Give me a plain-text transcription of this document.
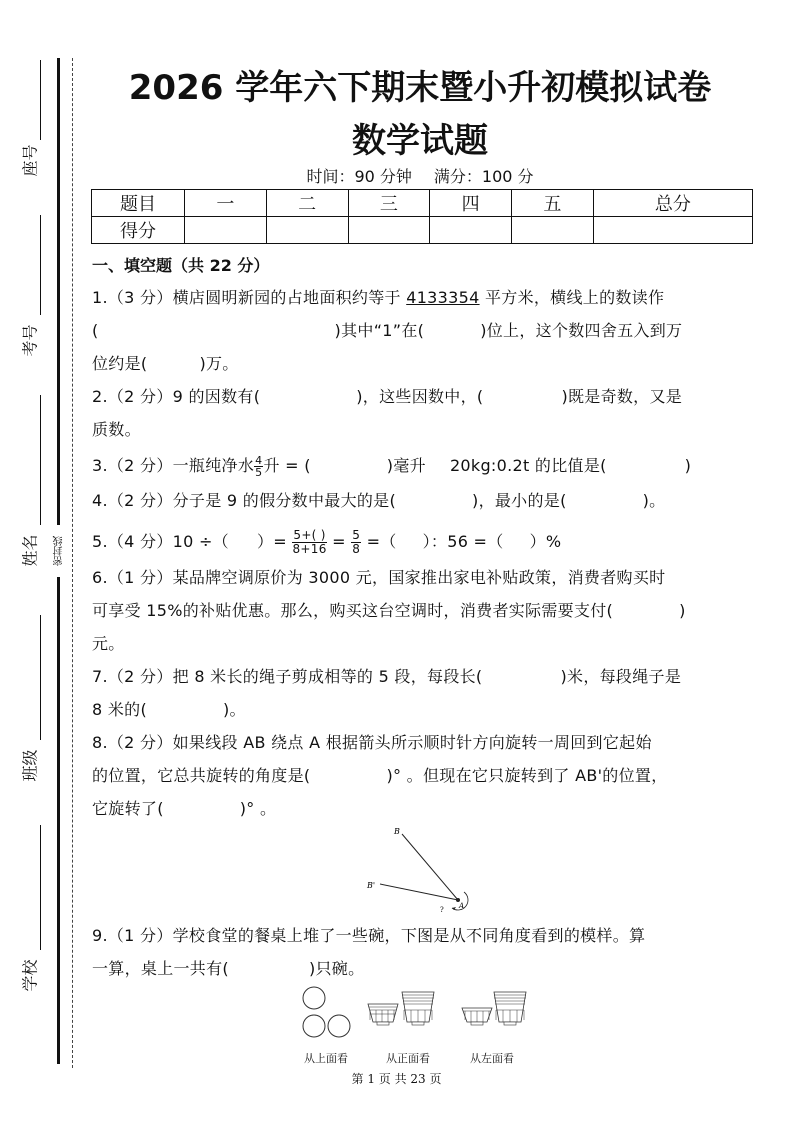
座号
考号
姓名 密封线
班级
学校
2026 学年六下期末暨小升初模拟试卷
数学试题
时间：90 分钟 满分：100 分
题目	一	二	三	四	五	总分
得分						
一、填空题（共 22 分）
1.（3 分）横店圆明新园的占地面积约等于 4133354 平方米，横线上的数读作
(	)其中“1”在(	)位上，这个数四舍五入到万
位约是(	)万。
2.（2 分）9 的因数有(	)，这些因数中，(	)既是奇数，又是
质数。
3.（2 分）一瓶纯净水 $\frac{4}{5}$ 升 = (	)毫升 20kg:0.2t 的比值是(	)
4.（2 分）分子是 9 的假分数中最大的是(	)，最小的是(	)。
5.（4 分）10 ÷（ ）= $\frac{5+( )}{8+16} = \frac{5}{8}$ =（ ）：56 =（ ）%
6.（1 分）某品牌空调原价为 3000 元，国家推出家电补贴政策，消费者购买时
可享受 15%的补贴优惠。那么，购买这台空调时，消费者实际需要支付(	)
元。
7.（2 分）把 8 米长的绳子剪成相等的 5 段，每段长(	)米，每段绳子是
8 米的(	)。
8.（2 分）如果线段 AB 绕点 A 根据箭头所示顺时针方向旋转一周回到它起始
的位置，它总共旋转的角度是(	)° 。但现在它只旋转到了 AB'的位置，
它旋转了(	)° 。
B
B'
A
?
9.（1 分）学校食堂的餐桌上堆了一些碗，下图是从不同角度看到的模样。算
一算，桌上一共有(	)只碗。
从上面看	从正面看	从左面看
第 1 页 共 23 页
